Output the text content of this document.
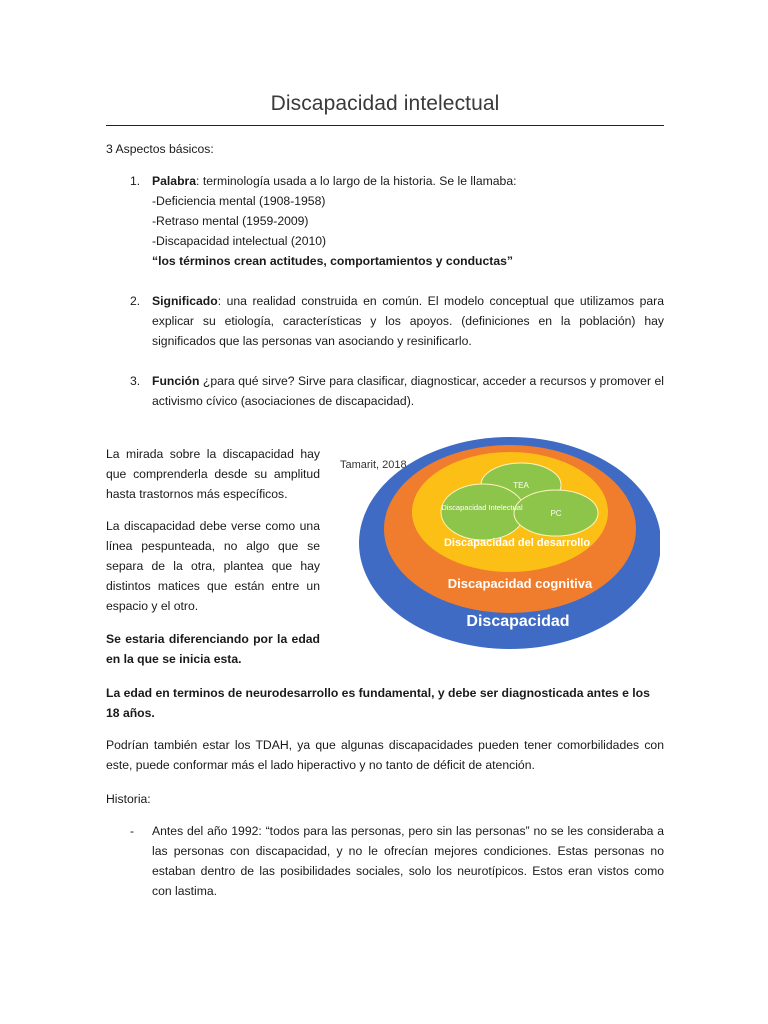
Discapacidad intelectual
3 Aspectos básicos:
1. Palabra: terminología usada a lo largo de la historia. Se le llamaba:
-Deficiencia mental (1908-1958)
-Retraso mental (1959-2009)
-Discapacidad intelectual (2010)
“los términos crean actitudes, comportamientos y conductas”
2. Significado: una realidad construida en común. El modelo conceptual que utilizamos para explicar su etiología, características y los apoyos. (definiciones en la población) hay significados que las personas van asociando y resinificarlo.
3. Función ¿para qué sirve? Sirve para clasificar, diagnosticar, acceder a recursos y promover el activismo cívico (asociaciones de discapacidad).
La mirada sobre la discapacidad hay que comprenderla desde su amplitud hasta trastornos más específicos.
La discapacidad debe verse como una línea pespunteada, no algo que se separa de la otra, plantea que hay distintos matices que están entre un espacio y el otro.
Se estaria diferenciando por la edad en la que se inicia esta.
Tamarit, 2018
TEA
Discapacidad Intelectual
PC
Discapacidad del desarrollo
Discapacidad cognitiva
Discapacidad
La edad en terminos de neurodesarrollo es fundamental, y debe ser diagnosticada antes e los 18 años.
Podrían también estar los TDAH, ya que algunas discapacidades pueden tener comorbilidades con este, puede conformar más el lado hiperactivo y no tanto de déficit de atención.
Historia:
- Antes del año 1992: “todos para las personas, pero sin las personas” no se les consideraba a las personas con discapacidad, y no le ofrecían mejores condiciones. Estas personas no estaban dentro de las posibilidades sociales, solo los neurotípicos. Estos eran vistos como con lastima.
